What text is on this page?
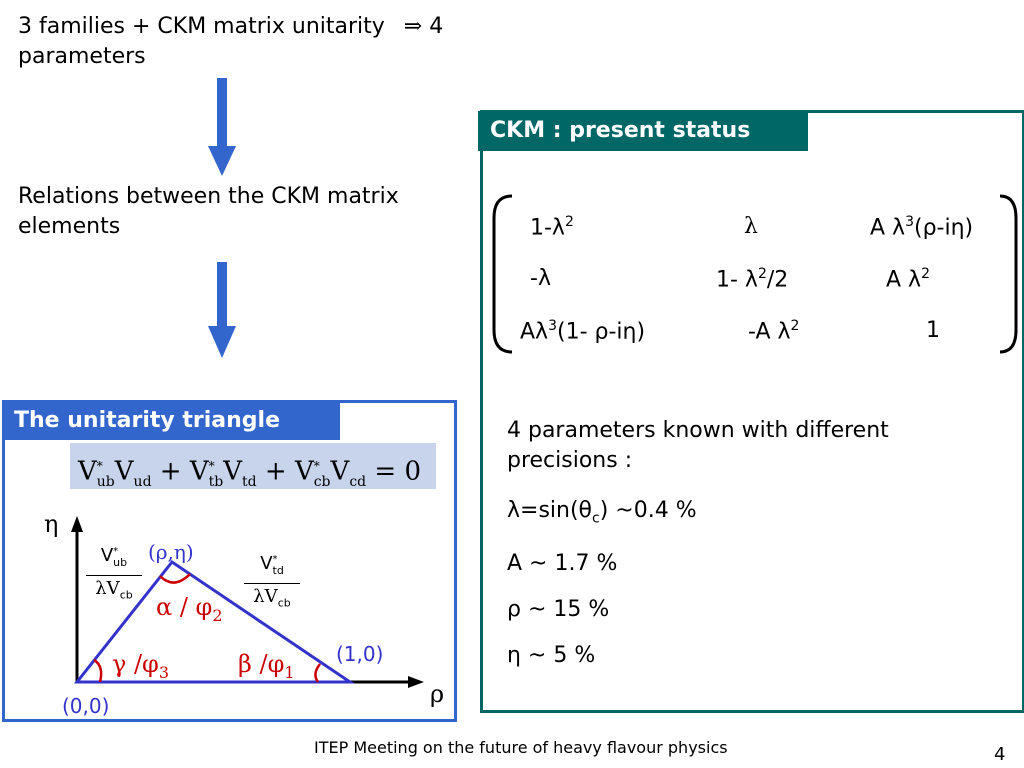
3 families + CKM matrix unitarity ⇒ 4
parameters
Relations between the CKM matrix
elements
CKM : present status
$1-\lambda^2$	λ	A $\lambda^3(\rho-i\eta)$
-λ	1- $\lambda^2/2$	A $\lambda^2$
$A\lambda^3(1-$ ρ-iη)	-A $\lambda^2$	1

4 parameters known with different

precisions :

$\lambda=\sin(\theta_c)$ ~0.4 %

A ~ 1.7 %

ρ ~ 15 %

η ~ 5 %

The unitarity triangle
$V^*_{ub}V_{ud} + V^*_{tb}V_{td} + V^*_{cb}V_{cd} = 0$
η
ρ
(ρ,η)
(0,0)
(1,0)
α / $\varphi_2$
γ $/\varphi_3$	β $/\varphi_1$
$V^*_{ub}$
$\lambda V_{cb}$
$V^*_{td}$
$\lambda V_{cb}$
ITEP Meeting on the future of heavy flavour physics	4
